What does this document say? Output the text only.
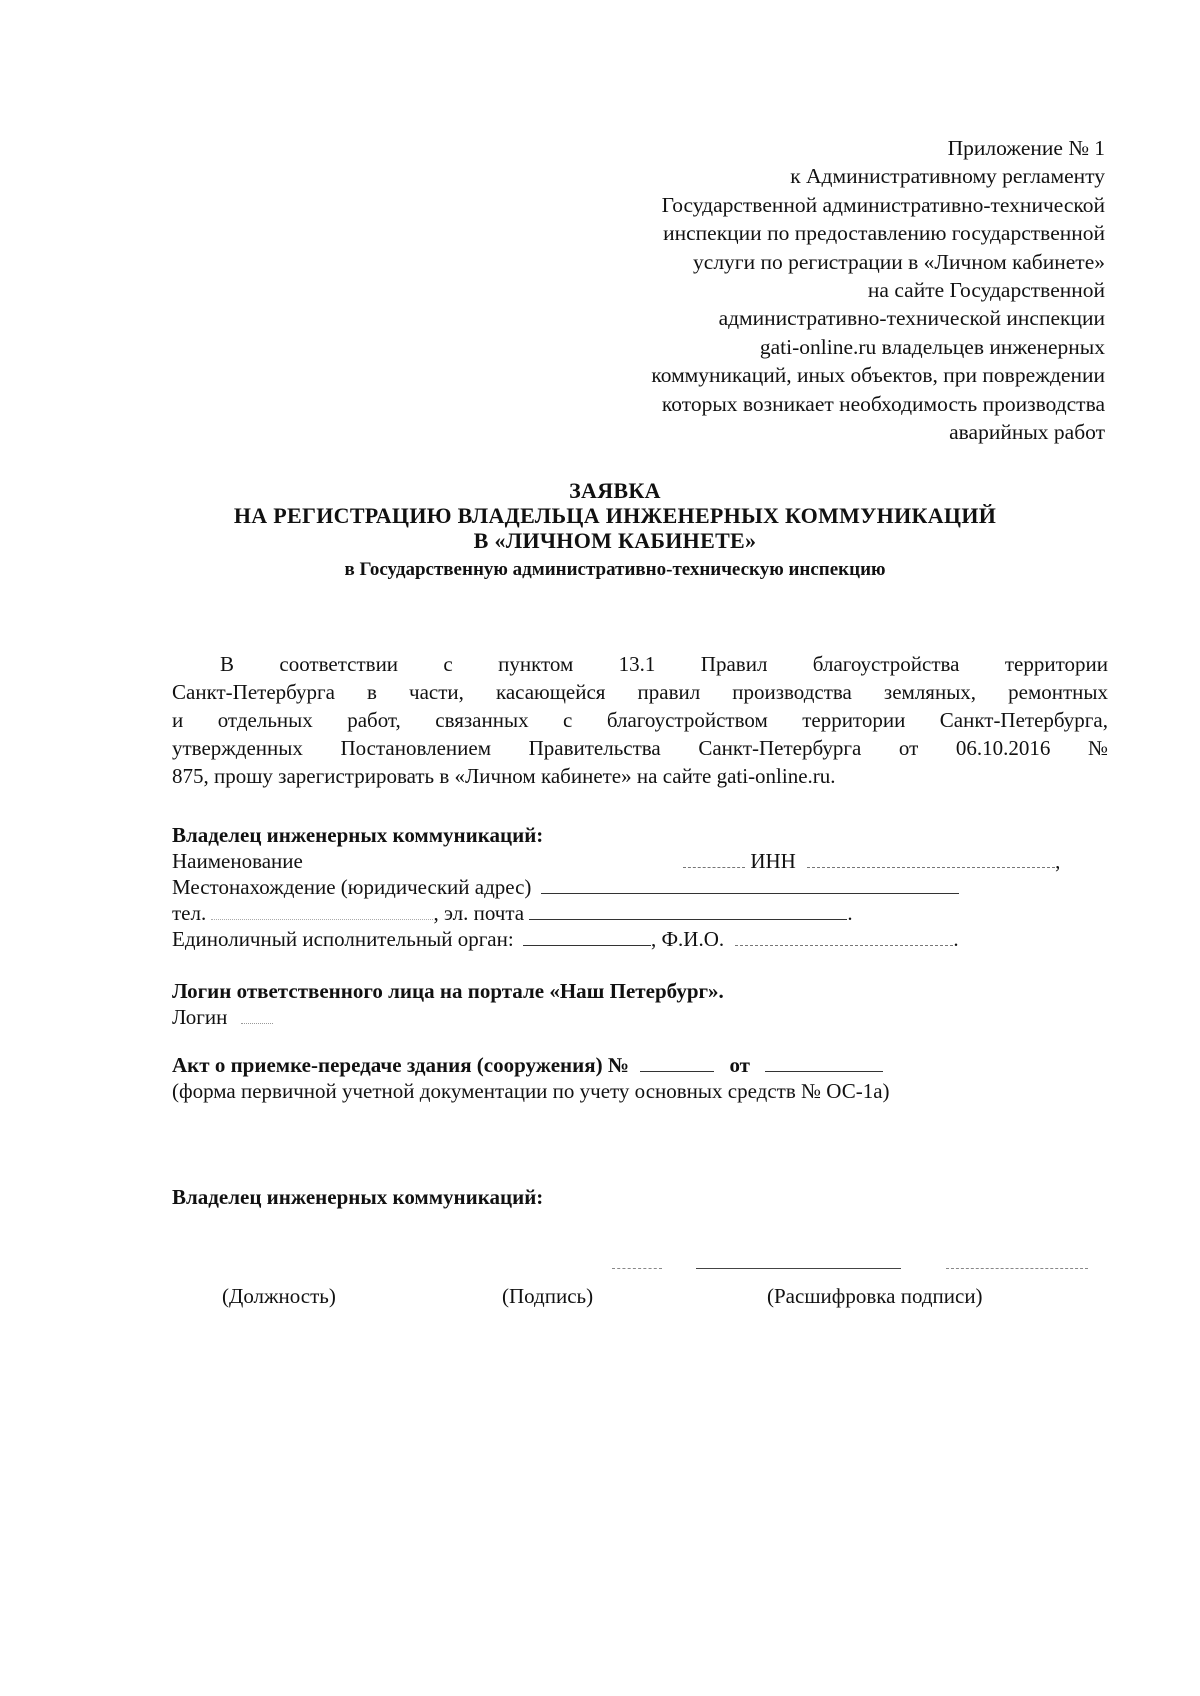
Приложение № 1
к Административному регламенту
Государственной административно-технической
инспекции по предоставлению государственной
услуги по регистрации в «Личном кабинете»
на сайте Государственной
административно-технической инспекции
gati-online.ru владельцев инженерных
коммуникаций, иных объектов, при повреждении
которых возникает необходимость производства
аварийных работ
ЗАЯВКА
НА РЕГИСТРАЦИЮ ВЛАДЕЛЬЦА ИНЖЕНЕРНЫХ КОММУНИКАЦИЙ
В «ЛИЧНОМ КАБИНЕТЕ»
в Государственную административно-техническую инспекцию
В соответствии с пунктом 13.1 Правил благоустройства территории
Санкт-Петербурга в части, касающейся правил производства земляных, ремонтных
и отдельных работ, связанных с благоустройством территории Санкт-Петербурга,
утвержденных Постановлением Правительства Санкт-Петербурга от 06.10.2016 №
875, прошу зарегистрировать в «Личном кабинете» на сайте gati-online.ru.
Владелец инженерных коммуникаций:
Наименование	ИНН	,
Местонахождение (юридический адрес)
тел.	, эл. почта	.
Единоличный исполнительный орган:	, Ф.И.О.	.
Логин ответственного лица на портале «Наш Петербург».
Логин
Акт о приемке-передаче здания (сооружения) №	от
(форма первичной учетной документации по учету основных средств № ОС-1а)
Владелец инженерных коммуникаций:
(Должность)	(Подпись)	(Расшифровка подписи)
